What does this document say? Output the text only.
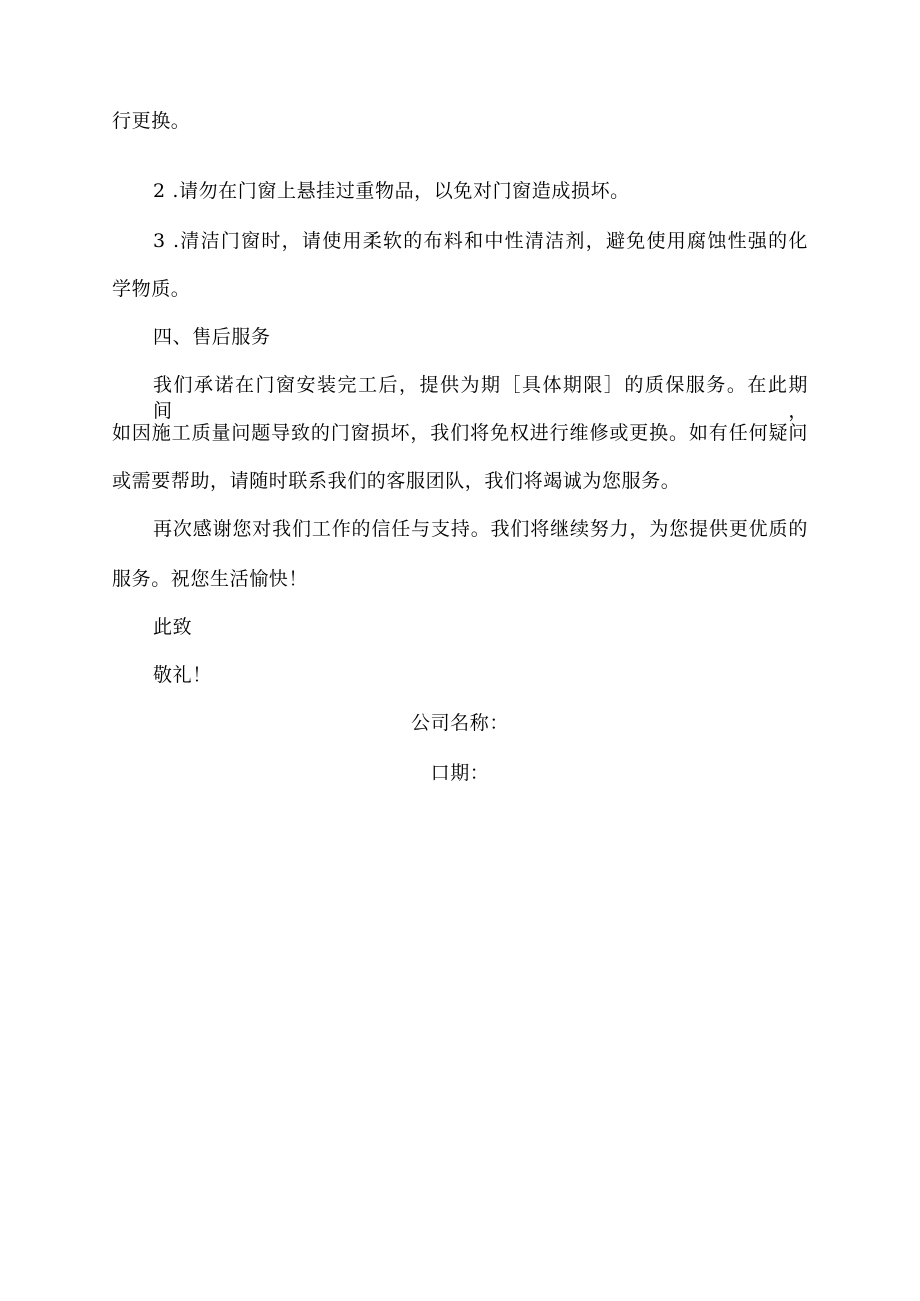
行更换。
2 .请勿在门窗上悬挂过重物品，以免对门窗造成损坏。
3 .清洁门窗时，请使用柔软的布料和中性清洁剂，避免使用腐蚀性强的化
学物质。
四、售后服务
我们承诺在门窗安装完工后，提供为期［具体期限］的质保服务。在此期间，
如因施工质量问题导致的门窗损坏，我们将免权进行维修或更换。如有任何疑问
或需要帮助，请随时联系我们的客服团队，我们将竭诚为您服务。
再次感谢您对我们工作的信任与支持。我们将继续努力，为您提供更优质的
服务。祝您生活愉快！
此致
敬礼！
公司名称：
口期：
